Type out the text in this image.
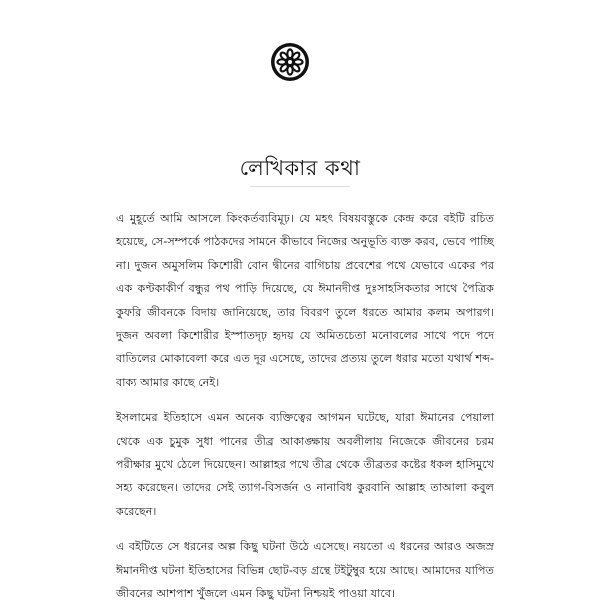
লেখিকার কথা

এ মুহূর্তে আমি আসলে কিংকর্তব্যবিমূঢ়। যে মহৎ বিষয়বস্তুকে কেন্দ্র করে বইটি রচিত হয়েছে, সে-সম্পর্কে পাঠকদের সামনে কীভাবে নিজের অনুভূতি ব্যক্ত করব, ভেবে পাচ্ছি না। দুজন অমুসলিম কিশোরী বোন দ্বীনের বাগিচায় প্রবেশের পথে যেভাবে একের পর এক কণ্টকাকীর্ণ বন্ধুর পথ পাড়ি দিয়েছে, যে ঈমানদীপ্ত দুঃসাহসিকতার সাথে পৈত্রিক কুফরি জীবনকে বিদায় জানিয়েছে, তার বিবরণ তুলে ধরতে আমার কলম অপারগ। দুজন অবলা কিশোরীর ইস্পাতদৃঢ় হৃদয় যে অমিতচেতা মনোবলের সাথে পদে পদে বাতিলের মোকাবেলা করে এত দূর এসেছে, তাদের প্রত্যয় তুলে ধরার মতো যথার্থ শব্দ-বাক্য আমার কাছে নেই।

ইসলামের ইতিহাসে এমন অনেক ব্যক্তিত্বের আগমন ঘটেছে, যারা ঈমানের পেয়ালা থেকে এক চুমুক সুধা পানের তীব্র আকাঙ্ক্ষায় অবলীলায় নিজেকে জীবনের চরম পরীক্ষার মুখে ঠেলে দিয়েছেন। আল্লাহর পথে তীব্র থেকে তীব্রতর কষ্টের ধকল হাসিমুখে সহ্য করেছেন। তাদের সেই ত্যাগ-বিসর্জন ও নানাবিধ কুরবানি আল্লাহ তাআলা কবুল করেছেন।

এ বইটিতে সে ধরনের অল্প কিছু ঘটনা উঠে এসেছে। নয়তো এ ধরনের আরও অজস্র ঈমানদীপ্ত ঘটনা ইতিহাসের বিভিন্ন ছোট-বড় গ্রন্থে টইটুম্বুর হয়ে আছে। আমাদের যাপিত জীবনের আশপাশ খুঁজলে এমন কিছু ঘটনা নিশ্চয়ই পাওয়া যাবে।
